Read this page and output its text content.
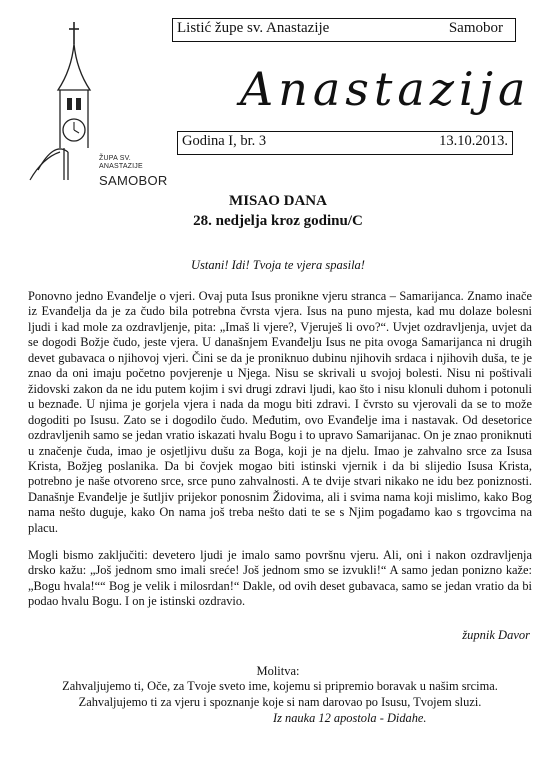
ŽUPA SV.
ANASTAZIJE
SAMOBOR
Listić župe sv. Anastazije	Samobor
Anastazija
Godina I, br. 3	13.10.2013.
MISAO DANA
28. nedjelja kroz godinu/C
Ustani! Idi! Tvoja te vjera spasila!
Ponovno jedno Evanđelje o vjeri. Ovaj puta Isus pronikne vjeru stranca – Samarijanca. Znamo inače iz Evanđelja da je za čudo bila potrebna čvrsta vjera. Isus na puno mjesta, kad mu dolaze bolesni ljudi i kad mole za ozdravljenje, pita: „Imaš li vjere?, Vjeruješ li ovo?“. Uvjet ozdravljenja, uvjet da se dogodi Božje čudo, jeste vjera. U današnjem Evanđelju Isus ne pita ovoga Samarijanca ni drugih devet gubavaca o njihovoj vjeri. Čini se da je proniknuo dubinu njihovih srdaca i njihovih duša, te je znao da oni imaju početno povjerenje u Njega. Nisu se skrivali u svojoj bolesti. Nisu ni poštivali židovski zakon da ne idu putem kojim i svi drugi zdravi ljudi, kao što i nisu klonuli duhom i potonuli u beznađe. U njima je gorjela vjera i nada da mogu biti zdravi. I čvrsto su vjerovali da se to može dogoditi po Isusu. Zato se i dogodilo čudo. Međutim, ovo Evanđelje ima i nastavak. Od desetorice ozdravljenih samo se jedan vratio iskazati hvalu Bogu i to upravo Samarijanac. On je znao proniknuti u značenje čuda, imao je osjetljivu dušu za Boga, koji je na djelu. Imao je zahvalno srce za Isusa Krista, Božjeg poslanika. Da bi čovjek mogao biti istinski vjernik i da bi slijedio Isusa Krista, potrebno je naše otvoreno srce, srce puno zahvalnosti. A te dvije stvari nikako ne idu bez poniznosti. Današnje Evanđelje je šutljiv prijekor ponosnim Židovima, ali i svima nama koji mislimo, kako Bog nama nešto duguje, kako On nama još treba nešto dati te se s Njim pogađamo kao s trgovcima na placu.
Mogli bismo zaključiti: devetero ljudi je imalo samo površnu vjeru. Ali, oni i nakon ozdravljenja drsko kažu: „Još jednom smo imali sreće! Još jednom smo se izvukli!“ A samo jedan ponizno kaže: „Bogu hvala!““ Bog je velik i milosrdan!“ Dakle, od ovih deset gubavaca, samo se jedan vratio da bi podao hvalu Bogu. I on je istinski ozdravio.
župnik Davor
Molitva:
Zahvaljujemo ti, Oče, za Tvoje sveto ime, kojemu si pripremio boravak u našim srcima. Zahvaljujemo ti za vjeru i spoznanje koje si nam darovao po Isusu, Tvojem sluzi.
Iz nauka 12 apostola - Didahe.
